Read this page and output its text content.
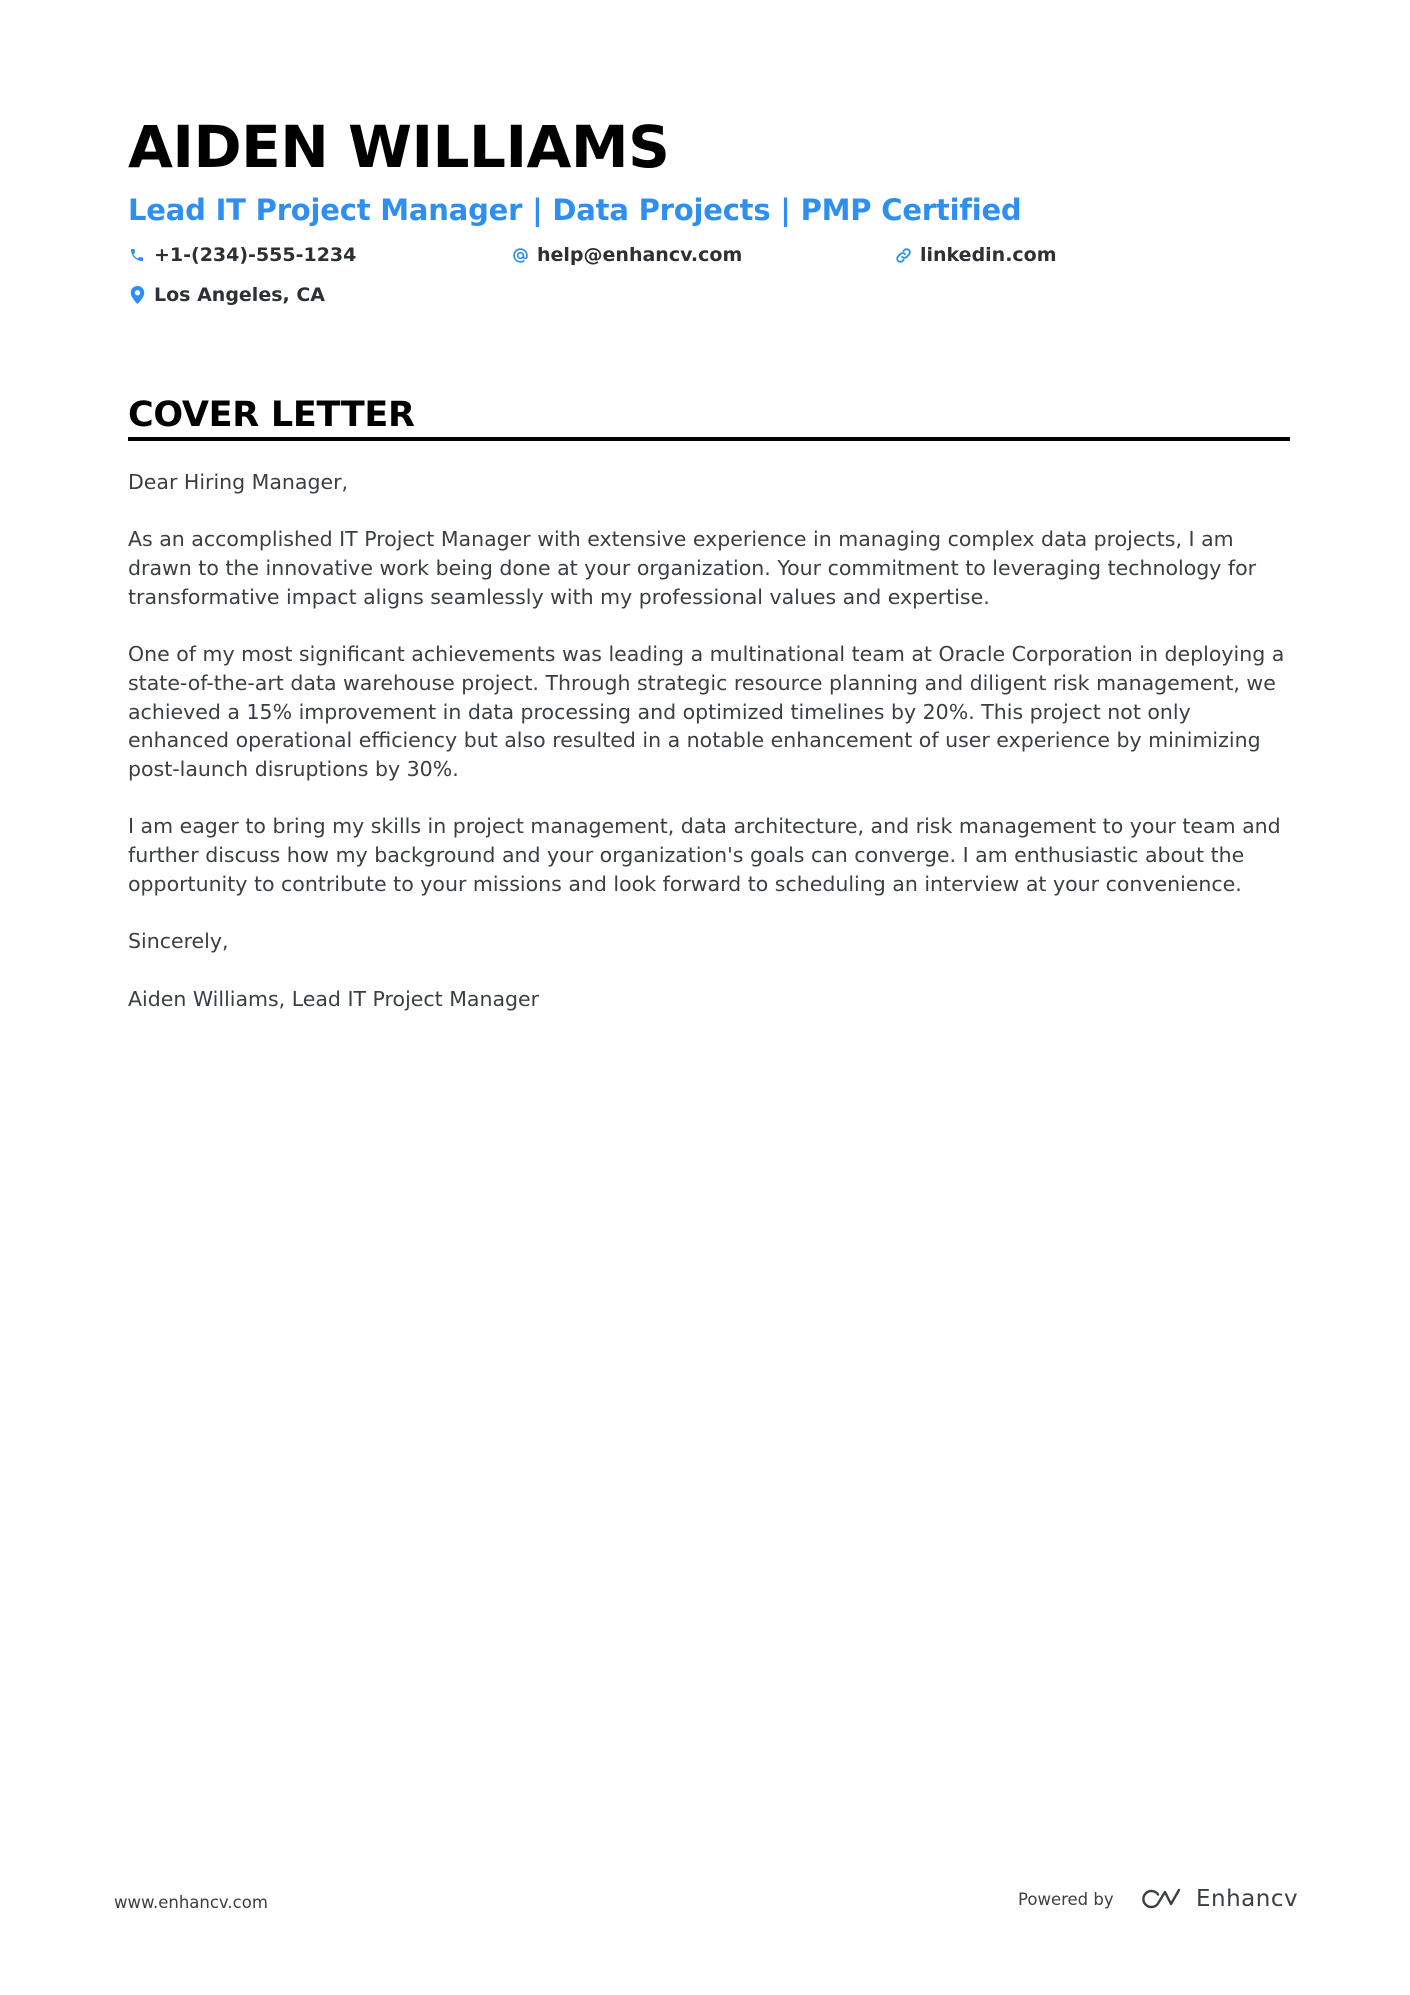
AIDEN WILLIAMS
Lead IT Project Manager | Data Projects | PMP Certified
+1-(234)-555-1234	help@enhancv.com	linkedin.com
Los Angeles, CA
COVER LETTER

Dear Hiring Manager,

As an accomplished IT Project Manager with extensive experience in managing complex data projects, I am drawn to the innovative work being done at your organization. Your commitment to leveraging technology for transformative impact aligns seamlessly with my professional values and expertise.

One of my most significant achievements was leading a multinational team at Oracle Corporation in deploying a state-of-the-art data warehouse project. Through strategic resource planning and diligent risk management, we achieved a 15% improvement in data processing and optimized timelines by 20%. This project not only enhanced operational efficiency but also resulted in a notable enhancement of user experience by minimizing post-launch disruptions by 30%.

I am eager to bring my skills in project management, data architecture, and risk management to your team and further discuss how my background and your organization's goals can converge. I am enthusiastic about the opportunity to contribute to your missions and look forward to scheduling an interview at your convenience.

Sincerely,

Aiden Williams, Lead IT Project Manager

www.enhancv.com	Powered by	Enhancv
